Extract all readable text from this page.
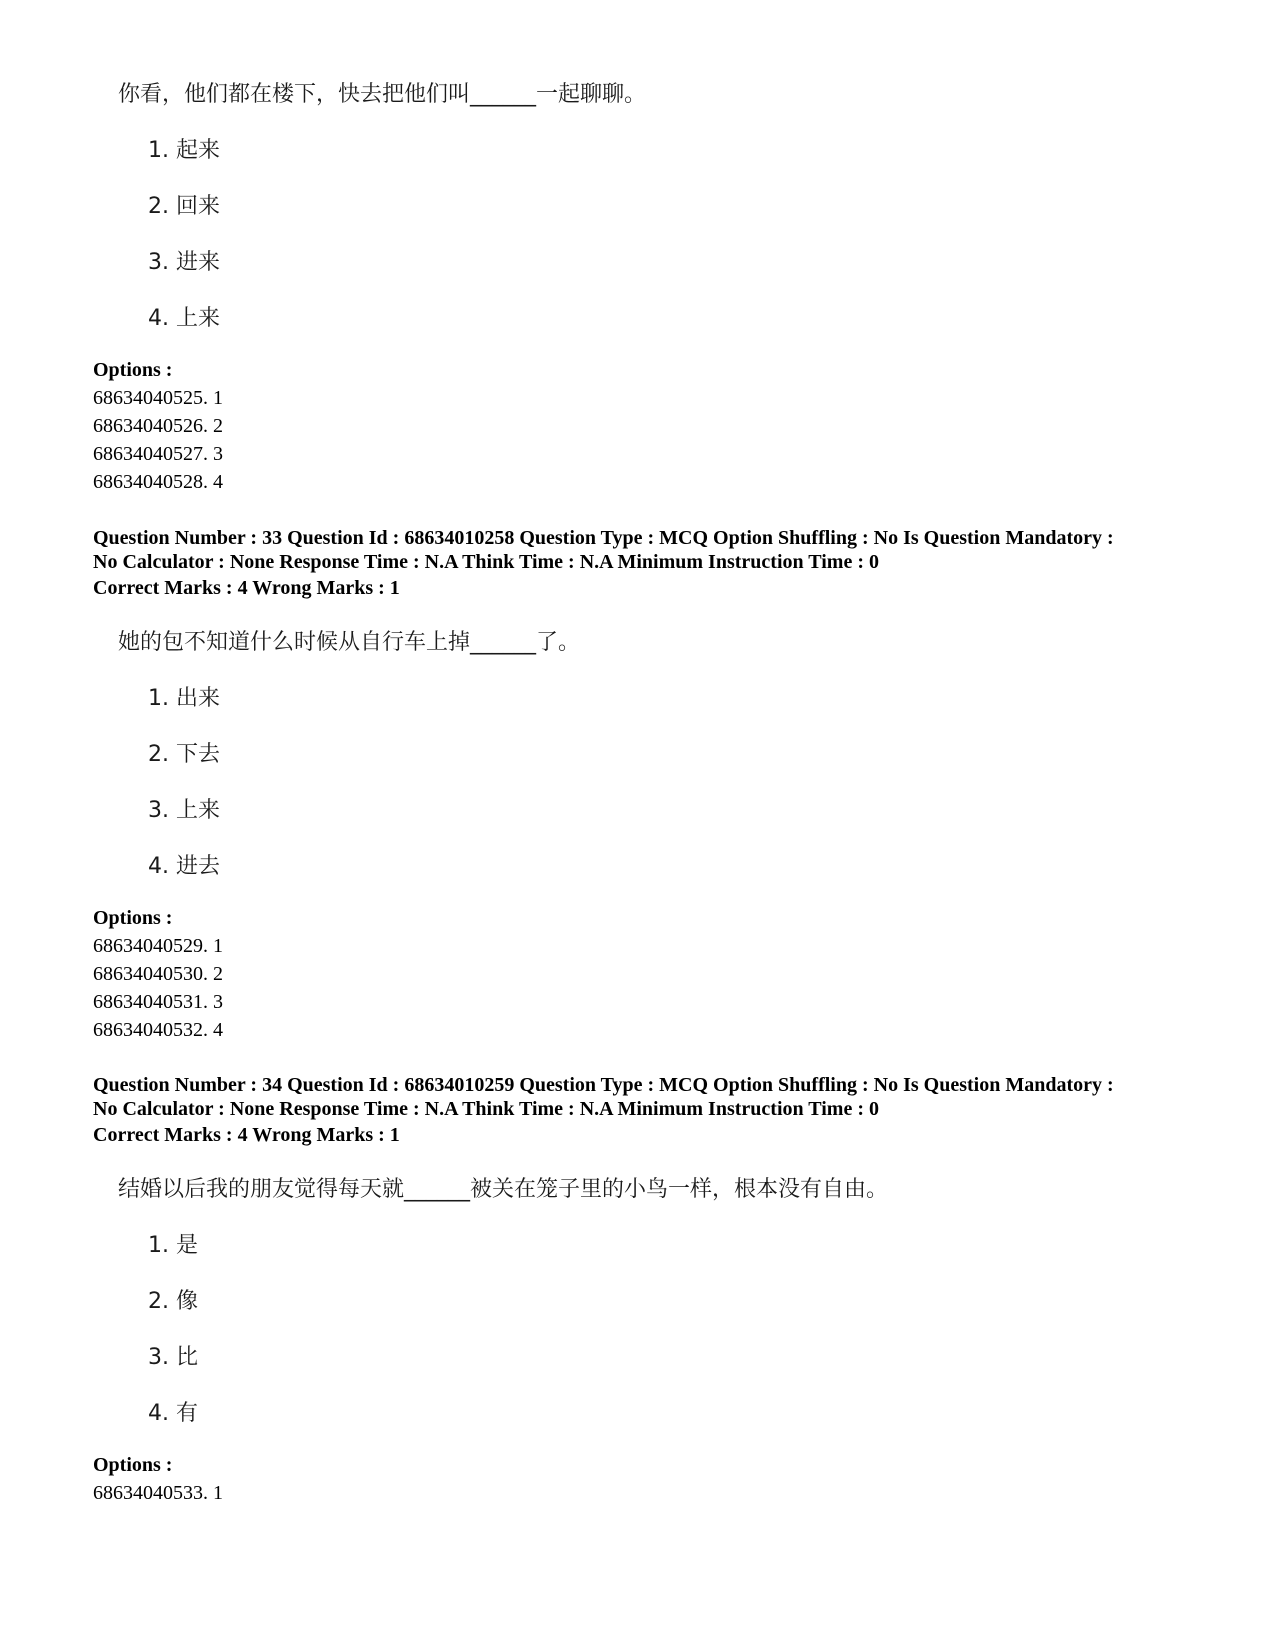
你看，他们都在楼下，快去把他们叫______一起聊聊。
1. 起来
2. 回来
3. 进来
4. 上来
Options :
68634040525. 1
68634040526. 2
68634040527. 3
68634040528. 4
Question Number : 33 Question Id : 68634010258 Question Type : MCQ Option Shuffling : No Is Question Mandatory :
No Calculator : None Response Time : N.A Think Time : N.A Minimum Instruction Time : 0
Correct Marks : 4 Wrong Marks : 1
她的包不知道什么时候从自行车上掉______了。
1. 出来
2. 下去
3. 上来
4. 进去
Options :
68634040529. 1
68634040530. 2
68634040531. 3
68634040532. 4
Question Number : 34 Question Id : 68634010259 Question Type : MCQ Option Shuffling : No Is Question Mandatory :
No Calculator : None Response Time : N.A Think Time : N.A Minimum Instruction Time : 0
Correct Marks : 4 Wrong Marks : 1
结婚以后我的朋友觉得每天就______被关在笼子里的小鸟一样，根本没有自由。
1. 是
2. 像
3. 比
4. 有
Options :
68634040533. 1
